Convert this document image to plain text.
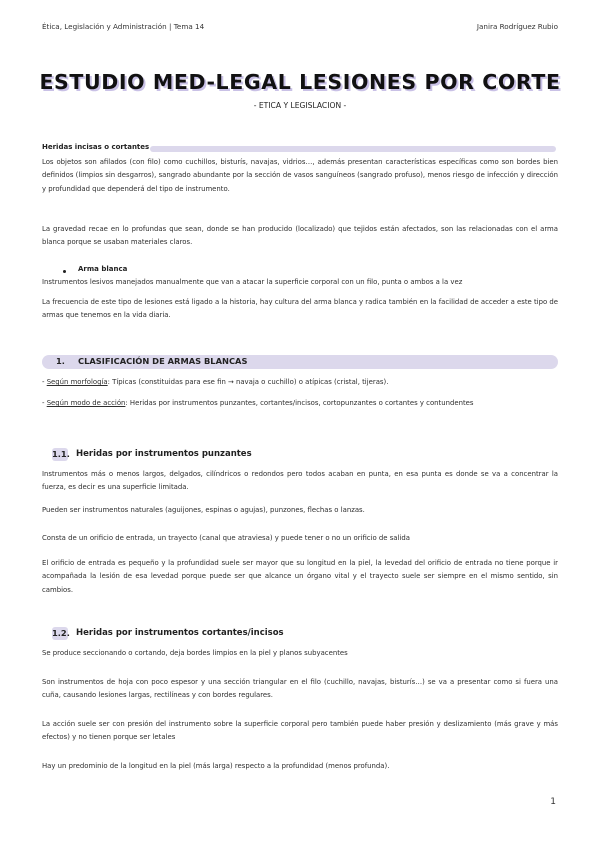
Ética, Legislación y Administración | Tema 14	Janira Rodríguez Rubio
ESTUDIO MED-LEGAL LESIONES POR CORTE
- ETICA Y LEGISLACION -
Heridas incisas o cortantes
Los objetos son afilados (con filo) como cuchillos, bisturís, navajas, vidrios…, además presentan características específicas como son bordes bien definidos (limpios sin desgarros), sangrado abundante por la sección de vasos sanguíneos (sangrado profuso), menos riesgo de infección y dirección y profundidad que dependerá del tipo de instrumento.
La gravedad recae en lo profundas que sean, donde se han producido (localizado) que tejidos están afectados, son las relacionadas con el arma blanca porque se usaban materiales claros.
Arma blanca
Instrumentos lesivos manejados manualmente que van a atacar la superficie corporal con un filo, punta o ambos a la vez
La frecuencia de este tipo de lesiones está ligado a la historia, hay cultura del arma blanca y radica también en la facilidad de acceder a este tipo de armas que tenemos en la vida diaria.
1. CLASIFICACIÓN DE ARMAS BLANCAS
- Según morfología: Típicas (constituidas para ese fin → navaja o cuchillo) o atípicas (cristal, tijeras).
- Según modo de acción: Heridas por instrumentos punzantes, cortantes/incisos, cortopunzantes o cortantes y contundentes
1.1. Heridas por instrumentos punzantes
Instrumentos más o menos largos, delgados, cilíndricos o redondos pero todos acaban en punta, en esa punta es donde se va a concentrar la fuerza, es decir es una superficie limitada.
Pueden ser instrumentos naturales (aguijones, espinas o agujas), punzones, flechas o lanzas.
Consta de un orificio de entrada, un trayecto (canal que atraviesa) y puede tener o no un orificio de salida
El orificio de entrada es pequeño y la profundidad suele ser mayor que su longitud en la piel, la levedad del orificio de entrada no tiene porque ir acompañada la lesión de esa levedad porque puede ser que alcance un órgano vital y el trayecto suele ser siempre en el mismo sentido, sin cambios.
1.2. Heridas por instrumentos cortantes/incisos
Se produce seccionando o cortando, deja bordes limpios en la piel y planos subyacentes
Son instrumentos de hoja con poco espesor y una sección triangular en el filo (cuchillo, navajas, bisturís…) se va a presentar como si fuera una cuña, causando lesiones largas, rectilíneas y con bordes regulares.
La acción suele ser con presión del instrumento sobre la superficie corporal pero también puede haber presión y deslizamiento (más grave y más efectos) y no tienen porque ser letales
Hay un predominio de la longitud en la piel (más larga) respecto a la profundidad (menos profunda).
1
